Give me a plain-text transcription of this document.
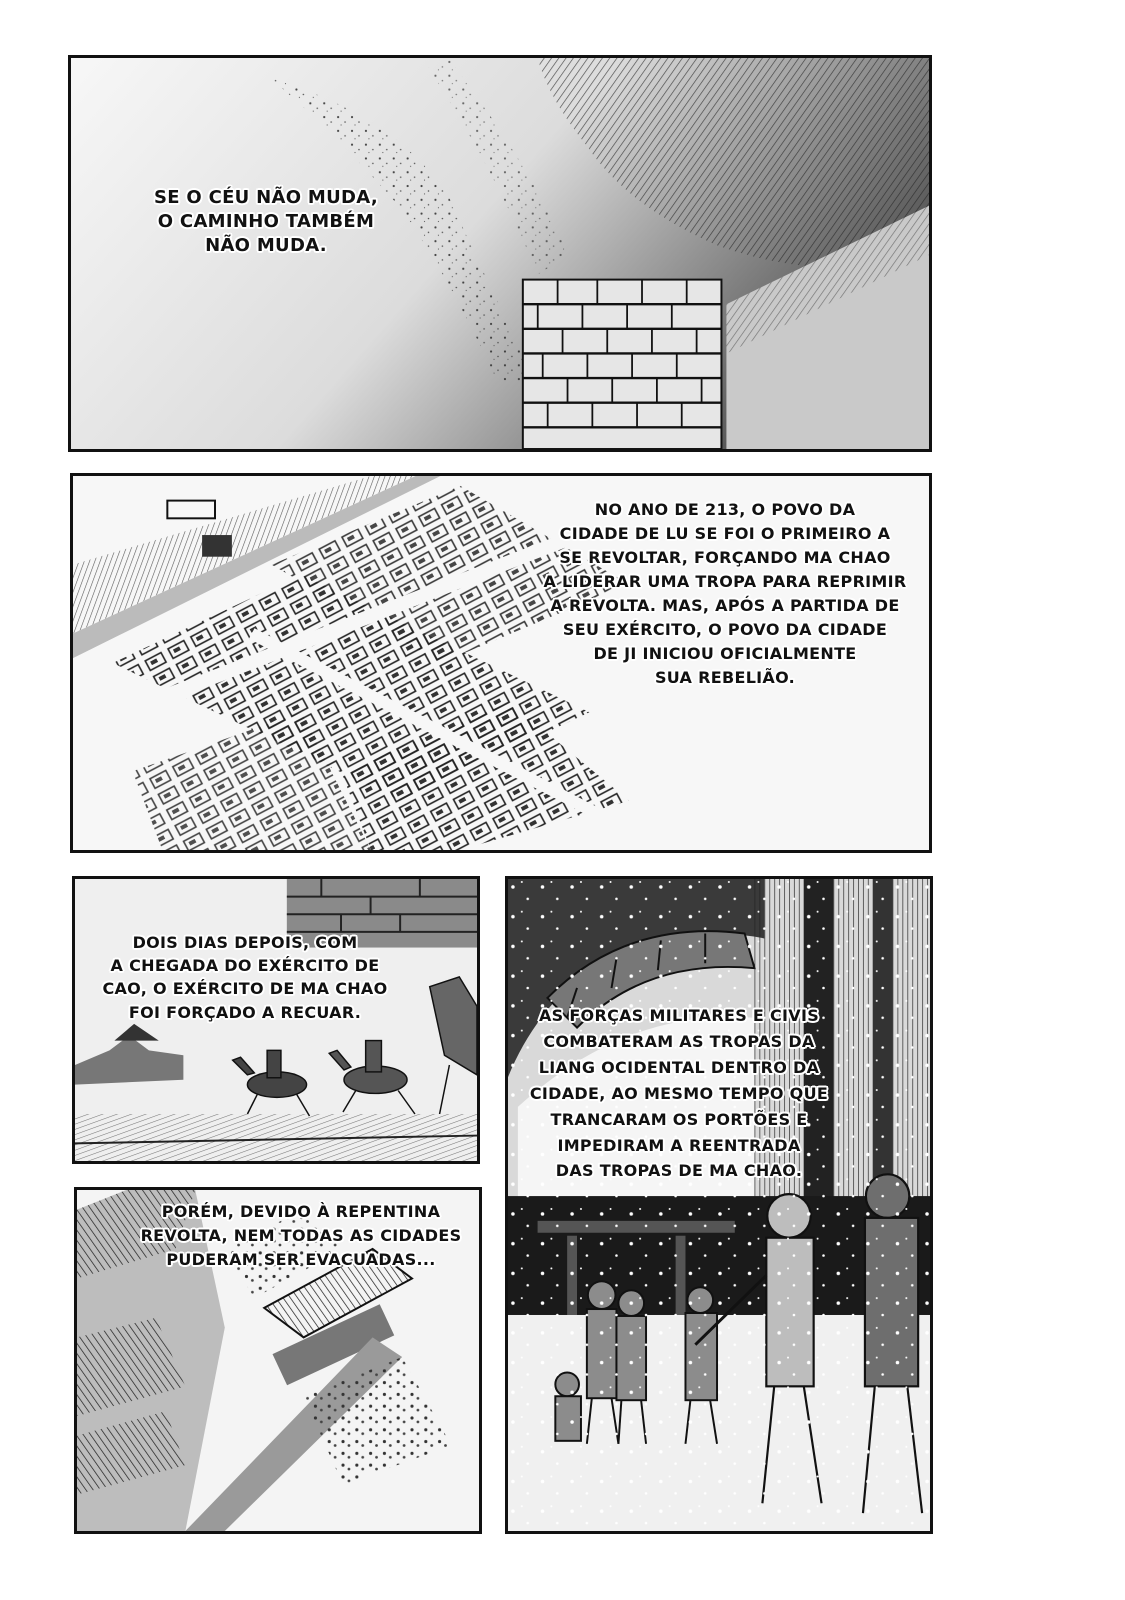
SE O CÉU NÃO MUDA,
O CAMINHO TAMBÉM
NÃO MUDA.
NO ANO DE 213, O POVO DA
CIDADE DE LU SE FOI O PRIMEIRO A
SE REVOLTAR, FORÇANDO MA CHAO
A LIDERAR UMA TROPA PARA REPRIMIR
A REVOLTA. MAS, APÓS A PARTIDA DE
SEU EXÉRCITO, O POVO DA CIDADE
DE JI INICIOU OFICIALMENTE
SUA REBELIÃO.
DOIS DIAS DEPOIS, COM
A CHEGADA DO EXÉRCITO DE
CAO, O EXÉRCITO DE MA CHAO
FOI FORÇADO A RECUAR.	AS FORÇAS MILITARES E CIVIS
COMBATERAM AS TROPAS DA
LIANG OCIDENTAL DENTRO DA
CIDADE, AO MESMO TEMPO QUE
TRANCARAM OS PORTÕES E
IMPEDIRAM A REENTRADA
DAS TROPAS DE MA CHAO.
PORÉM, DEVIDO À REPENTINA
REVOLTA, NEM TODAS AS CIDADES
PUDERAM SER EVACUADAS...
